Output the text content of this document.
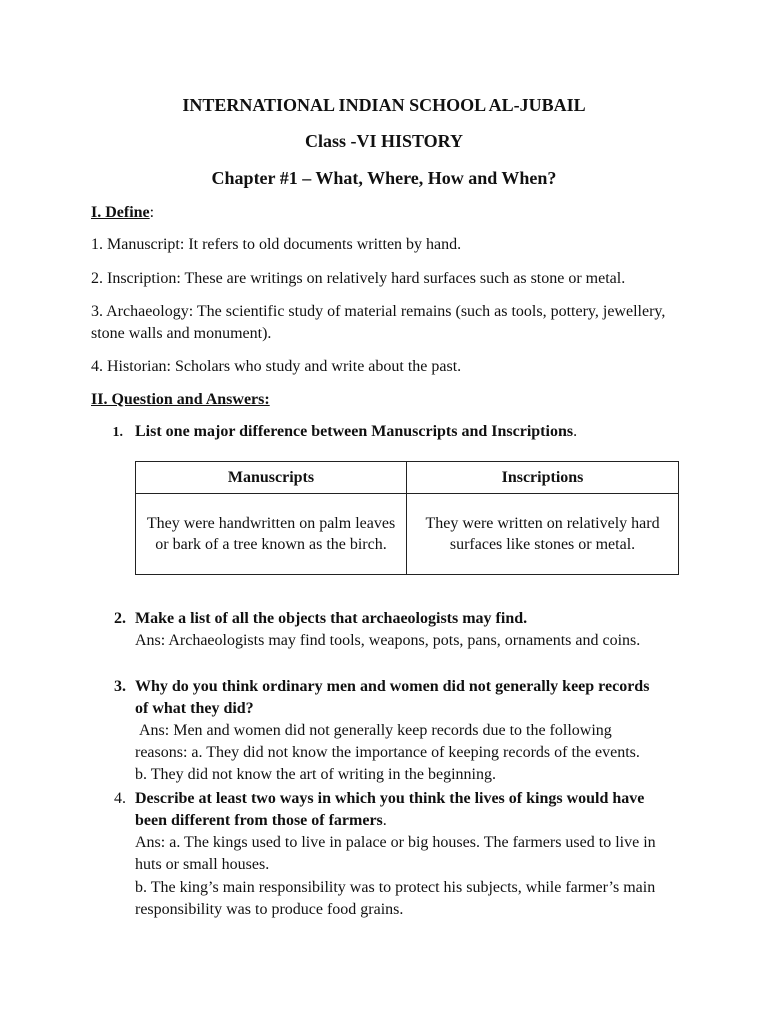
INTERNATIONAL INDIAN SCHOOL AL-JUBAIL
Class -VI HISTORY
Chapter #1 – What, Where, How and When?
I. Define:
1. Manuscript: It refers to old documents written by hand.
2. Inscription: These are writings on relatively hard surfaces such as stone or metal.
3. Archaeology: The scientific study of material remains (such as tools, pottery, jewellery, stone walls and monument).
4. Historian: Scholars who study and write about the past.
II. Question and Answers:
1. List one major difference between Manuscripts and Inscriptions.
Manuscripts	Inscriptions
They were handwritten on palm leaves or bark of a tree known as the birch.	They were written on relatively hard surfaces like stones or metal.
2. Make a list of all the objects that archaeologists may find.
Ans: Archaeologists may find tools, weapons, pots, pans, ornaments and coins.
3. Why do you think ordinary men and women did not generally keep records of what they did?
Ans: Men and women did not generally keep records due to the following reasons: a. They did not know the importance of keeping records of the events. b. They did not know the art of writing in the beginning.
4. Describe at least two ways in which you think the lives of kings would have been different from those of farmers.
Ans: a. The kings used to live in palace or big houses. The farmers used to live in huts or small houses.
b. The king’s main responsibility was to protect his subjects, while farmer’s main responsibility was to produce food grains.
